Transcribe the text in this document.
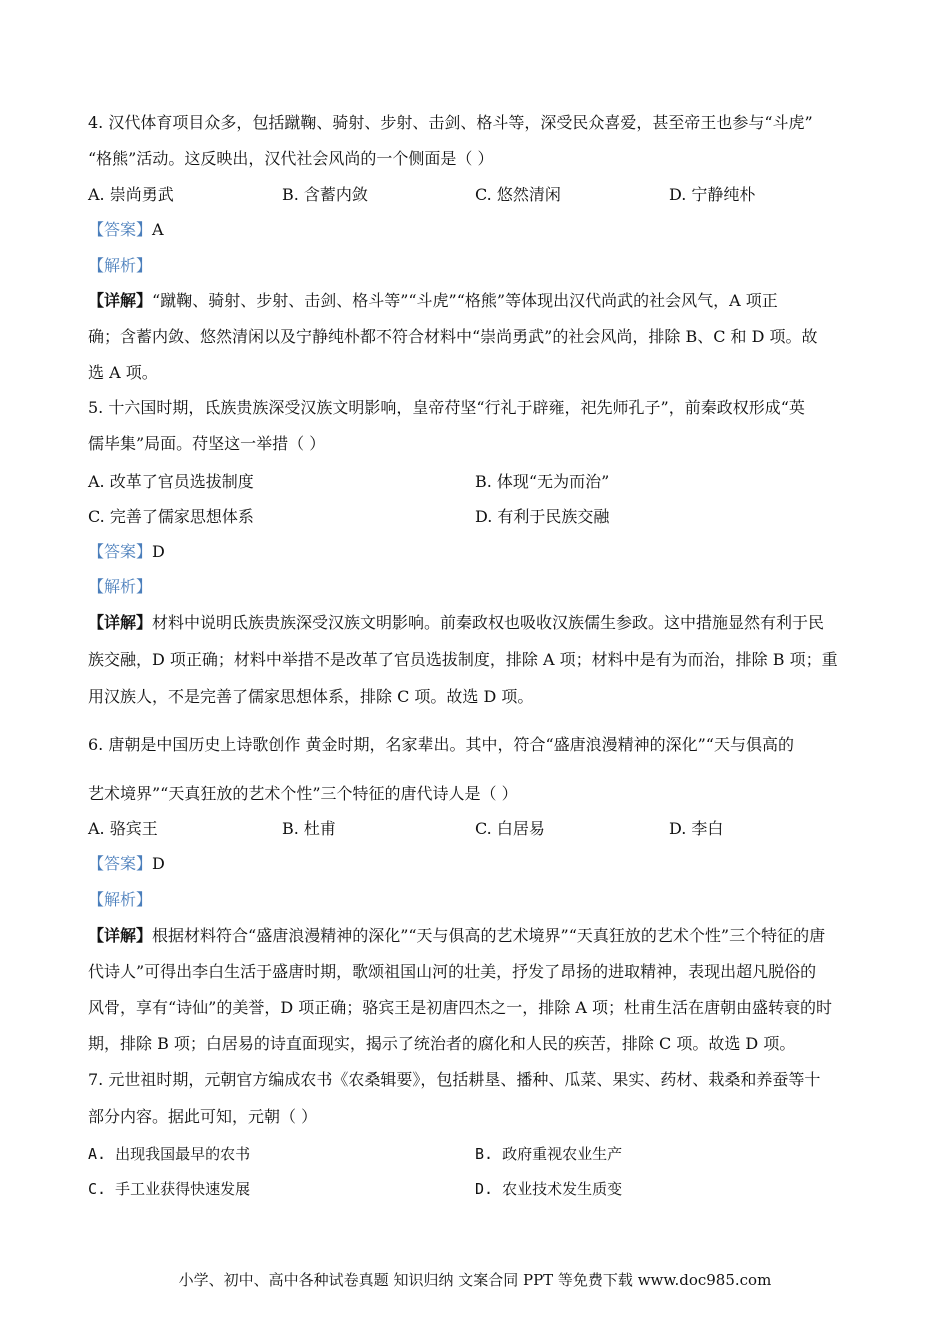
4. 汉代体育项目众多，包括蹴鞠、骑射、步射、击剑、格斗等，深受民众喜爱，甚至帝王也参与“斗虎”
“格熊”活动。这反映出，汉代社会风尚的一个侧面是（ ）
A. 崇尚勇武	B. 含蓄内敛	C. 悠然清闲	D. 宁静纯朴
【答案】A
【解析】
【详解】“蹴鞠、骑射、步射、击剑、格斗等”“斗虎”“格熊”等体现出汉代尚武的社会风气，A 项正
确；含蓄内敛、悠然清闲以及宁静纯朴都不符合材料中“崇尚勇武”的社会风尚，排除 B、C 和 D 项。故
选 A 项。
5. 十六国时期，氐族贵族深受汉族文明影响，皇帝苻坚“行礼于辟雍，祀先师孔子”，前秦政权形成“英
儒毕集”局面。苻坚这一举措（ ）
A. 改革了官员选拔制度	B. 体现“无为而治”
C. 完善了儒家思想体系	D. 有利于民族交融
【答案】D
【解析】
【详解】材料中说明氐族贵族深受汉族文明影响。前秦政权也吸收汉族儒生参政。这中措施显然有利于民
族交融，D 项正确；材料中举措不是改革了官员选拔制度，排除 A 项；材料中是有为而治，排除 B 项；重
用汉族人，不是完善了儒家思想体系，排除 C 项。故选 D 项。
6. 唐朝是中国历史上诗歌创作 黄金时期，名家辈出。其中，符合“盛唐浪漫精神的深化”“天与俱高的
艺术境界”“天真狂放的艺术个性”三个特征的唐代诗人是（ ）
A. 骆宾王	B. 杜甫	C. 白居易	D. 李白
【答案】D
【解析】
【详解】根据材料符合“盛唐浪漫精神的深化”“天与俱高的艺术境界”“天真狂放的艺术个性”三个特征的唐
代诗人”可得出李白生活于盛唐时期，歌颂祖国山河的壮美，抒发了昂扬的进取精神，表现出超凡脱俗的
风骨，享有“诗仙”的美誉，D 项正确；骆宾王是初唐四杰之一，排除 A 项；杜甫生活在唐朝由盛转衰的时
期，排除 B 项；白居易的诗直面现实，揭示了统治者的腐化和人民的疾苦，排除 C 项。故选 D 项。
7. 元世祖时期，元朝官方编成农书《农桑辑要》，包括耕垦、播种、瓜菜、果实、药材、栽桑和养蚕等十
部分内容。据此可知，元朝（ ）
A. 出现我国最早的农书	B. 政府重视农业生产
C. 手工业获得快速发展	D. 农业技术发生质变
小学、初中、高中各种试卷真题 知识归纳 文案合同 PPT 等免费下载 www.doc985.com
